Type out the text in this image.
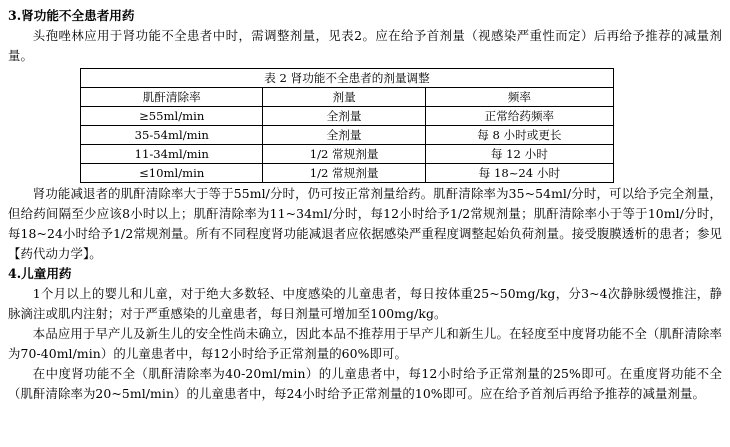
3.肾功能不全患者用药

头孢唑林应用于肾功能不全患者中时，需调整剂量，见表2。应在给予首剂量（视感染严重性而定）后再给予推荐的减量剂量。

表 2 肾功能不全患者的剂量调整
肌酐清除率	剂量	频率
≥55ml/min	全剂量	正常给药频率
35-54ml/min	全剂量	每 8 小时或更长
11-34ml/min	1/2 常规剂量	每 12 小时
≤10ml/min	1/2 常规剂量	每 18~24 小时

肾功能减退者的肌酐清除率大于等于55ml/分时，仍可按正常剂量给药。肌酐清除率为35~54ml/分时，可以给予完全剂量，但给药间隔至少应该8小时以上；肌酐清除率为11~34ml/分时，每12小时给予1/2常规剂量；肌酐清除率小于等于10ml/分时，每18~24小时给予1/2常规剂量。所有不同程度肾功能减退者应依据感染严重程度调整起始负荷剂量。接受腹膜透析的患者；参见【药代动力学】。

4.儿童用药

1个月以上的婴儿和儿童，对于绝大多数轻、中度感染的儿童患者，每日按体重25~50mg/kg，分3~4次静脉缓慢推注，静脉滴注或肌内注射；对于严重感染的儿童患者，每日剂量可增加至100mg/kg。

本品应用于早产儿及新生儿的安全性尚未确立，因此本品不推荐用于早产儿和新生儿。在轻度至中度肾功能不全（肌酐清除率为70-40ml/min）的儿童患者中，每12小时给予正常剂量的60%即可。

在中度肾功能不全（肌酐清除率为40-20ml/min）的儿童患者中，每12小时给予正常剂量的25%即可。在重度肾功能不全（肌酐清除率为20~5ml/min）的儿童患者中，每24小时给予正常剂量的10%即可。应在给予首剂后再给予推荐的减量剂量。
